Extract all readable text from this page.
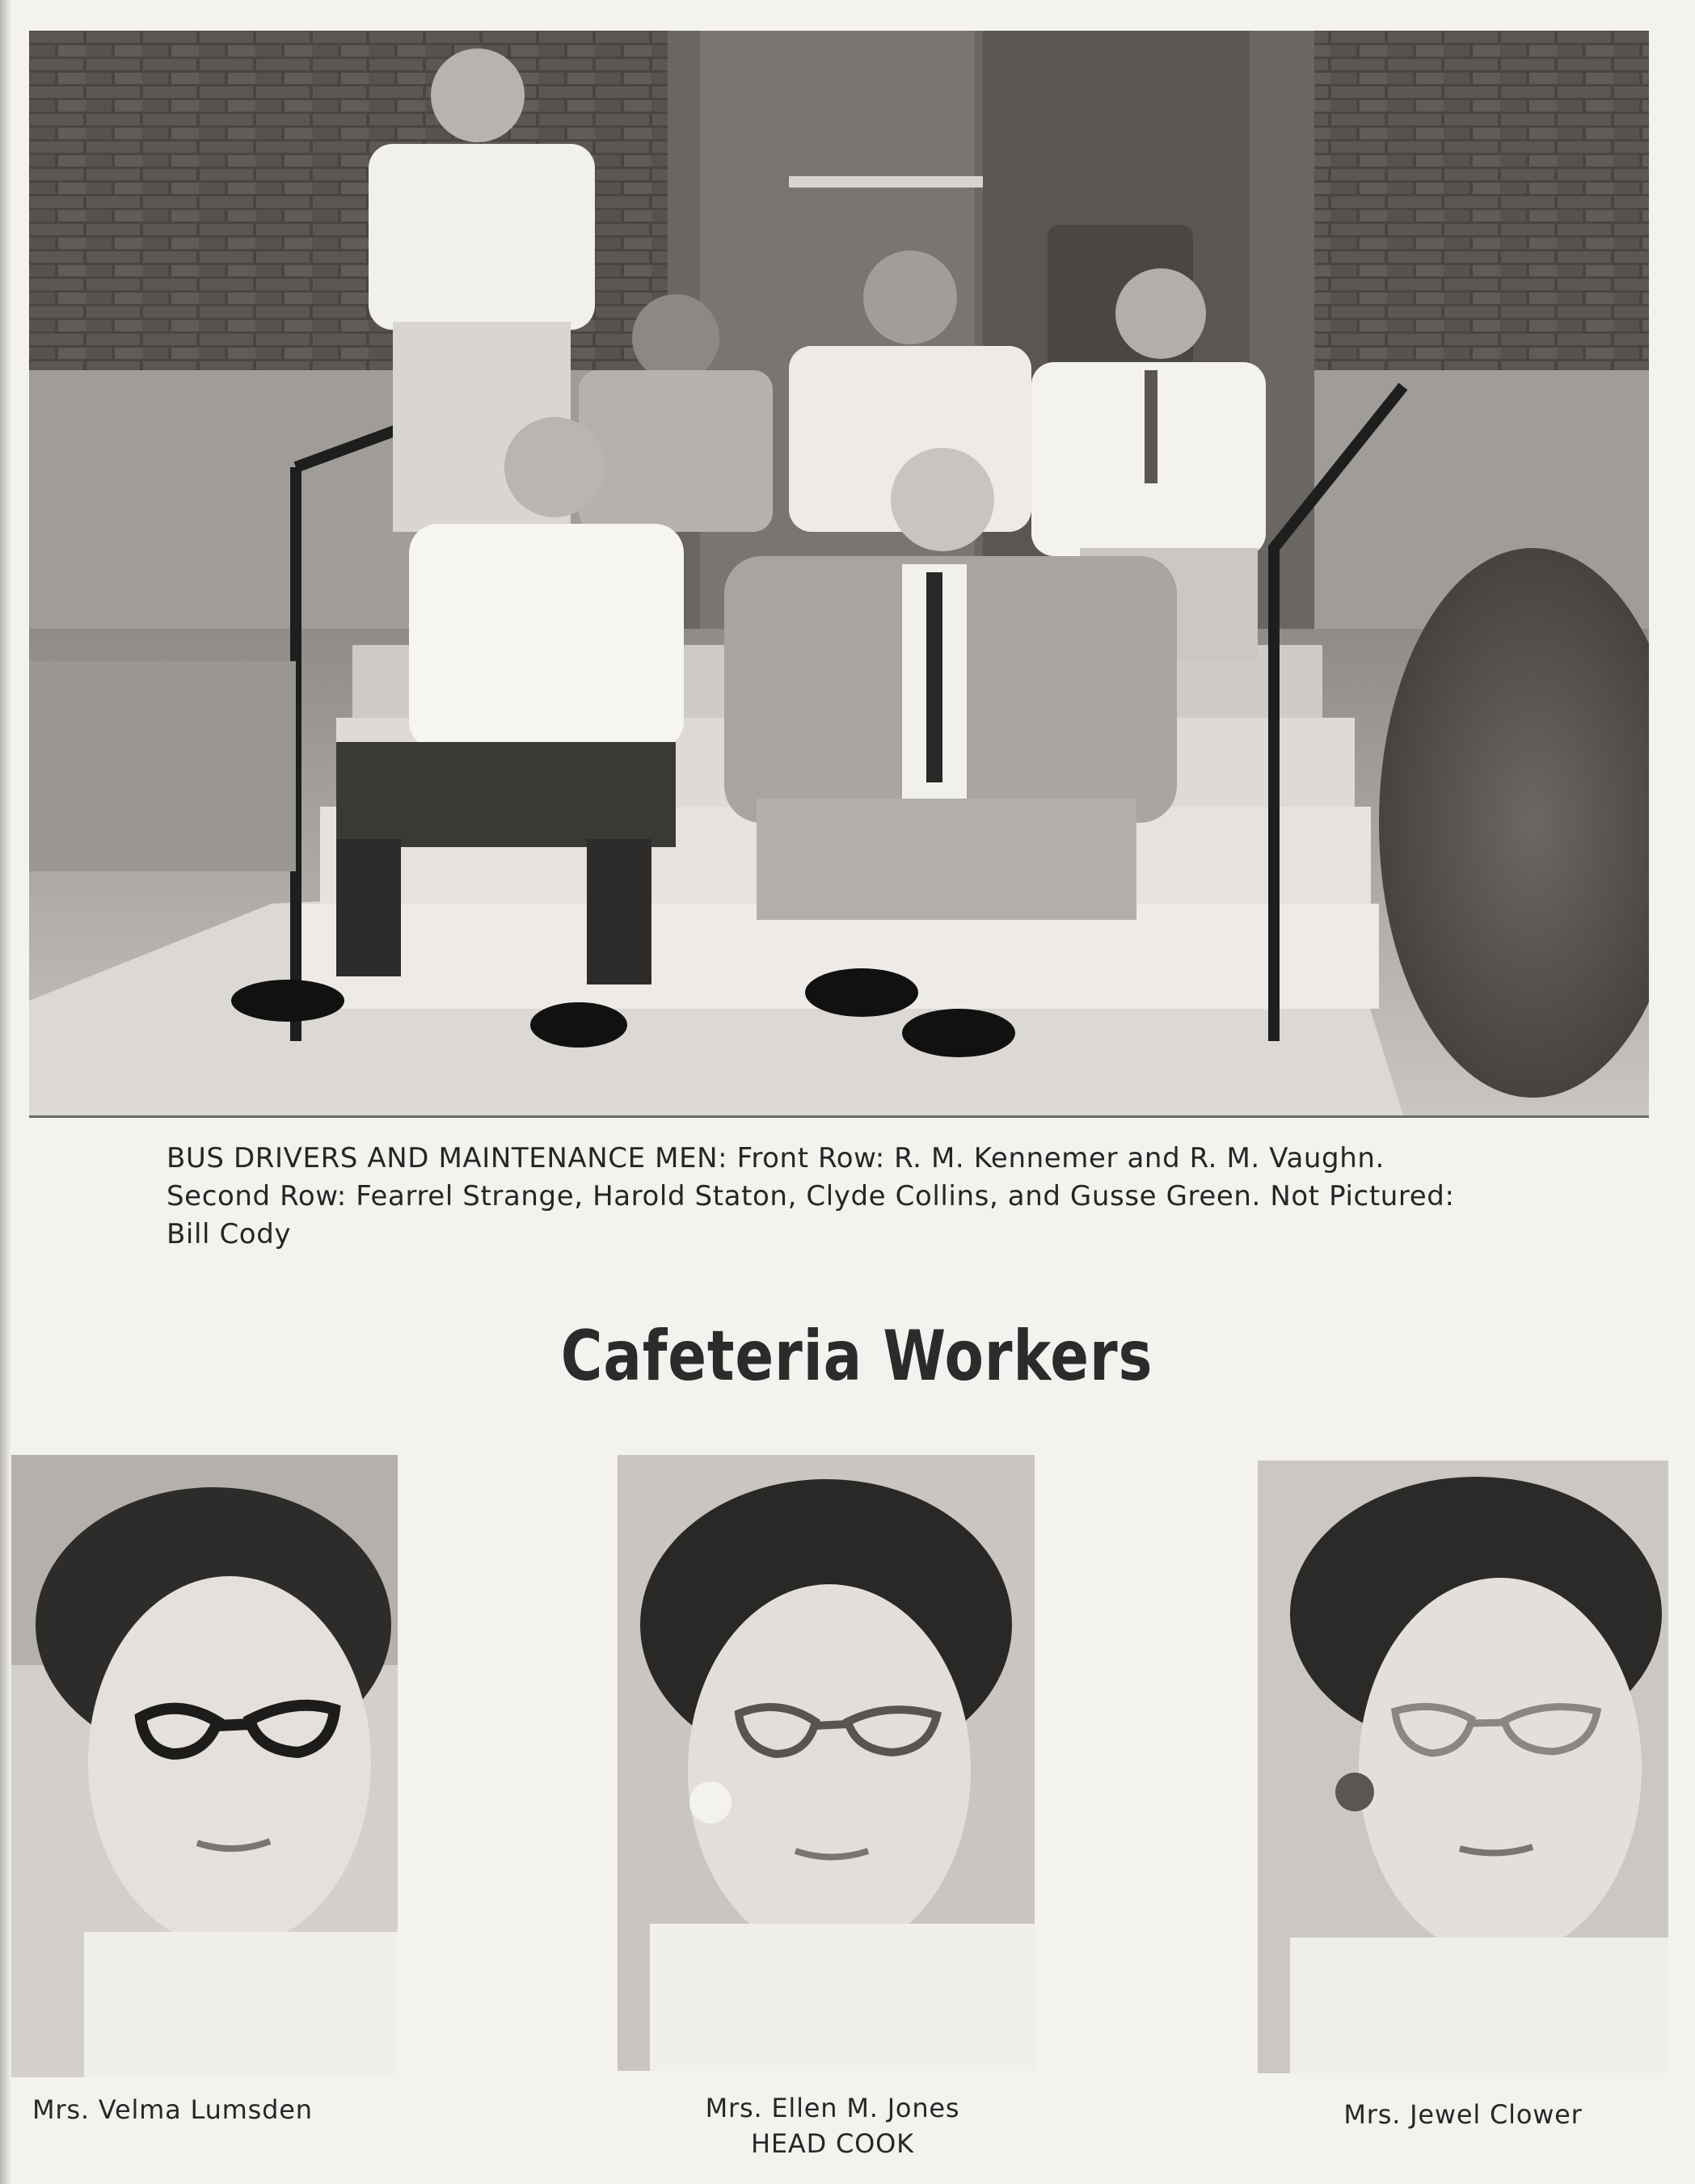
BUS DRIVERS AND MAINTENANCE MEN: Front Row: R. M. Kennemer and R. M. Vaughn.
Second Row: Fearrel Strange, Harold Staton, Clyde Collins, and Gusse Green. Not Pictured:
Bill Cody
Cafeteria Workers
Mrs. Velma Lumsden	Mrs. Ellen M. Jones
HEAD COOK
Mrs. Jewel Clower
